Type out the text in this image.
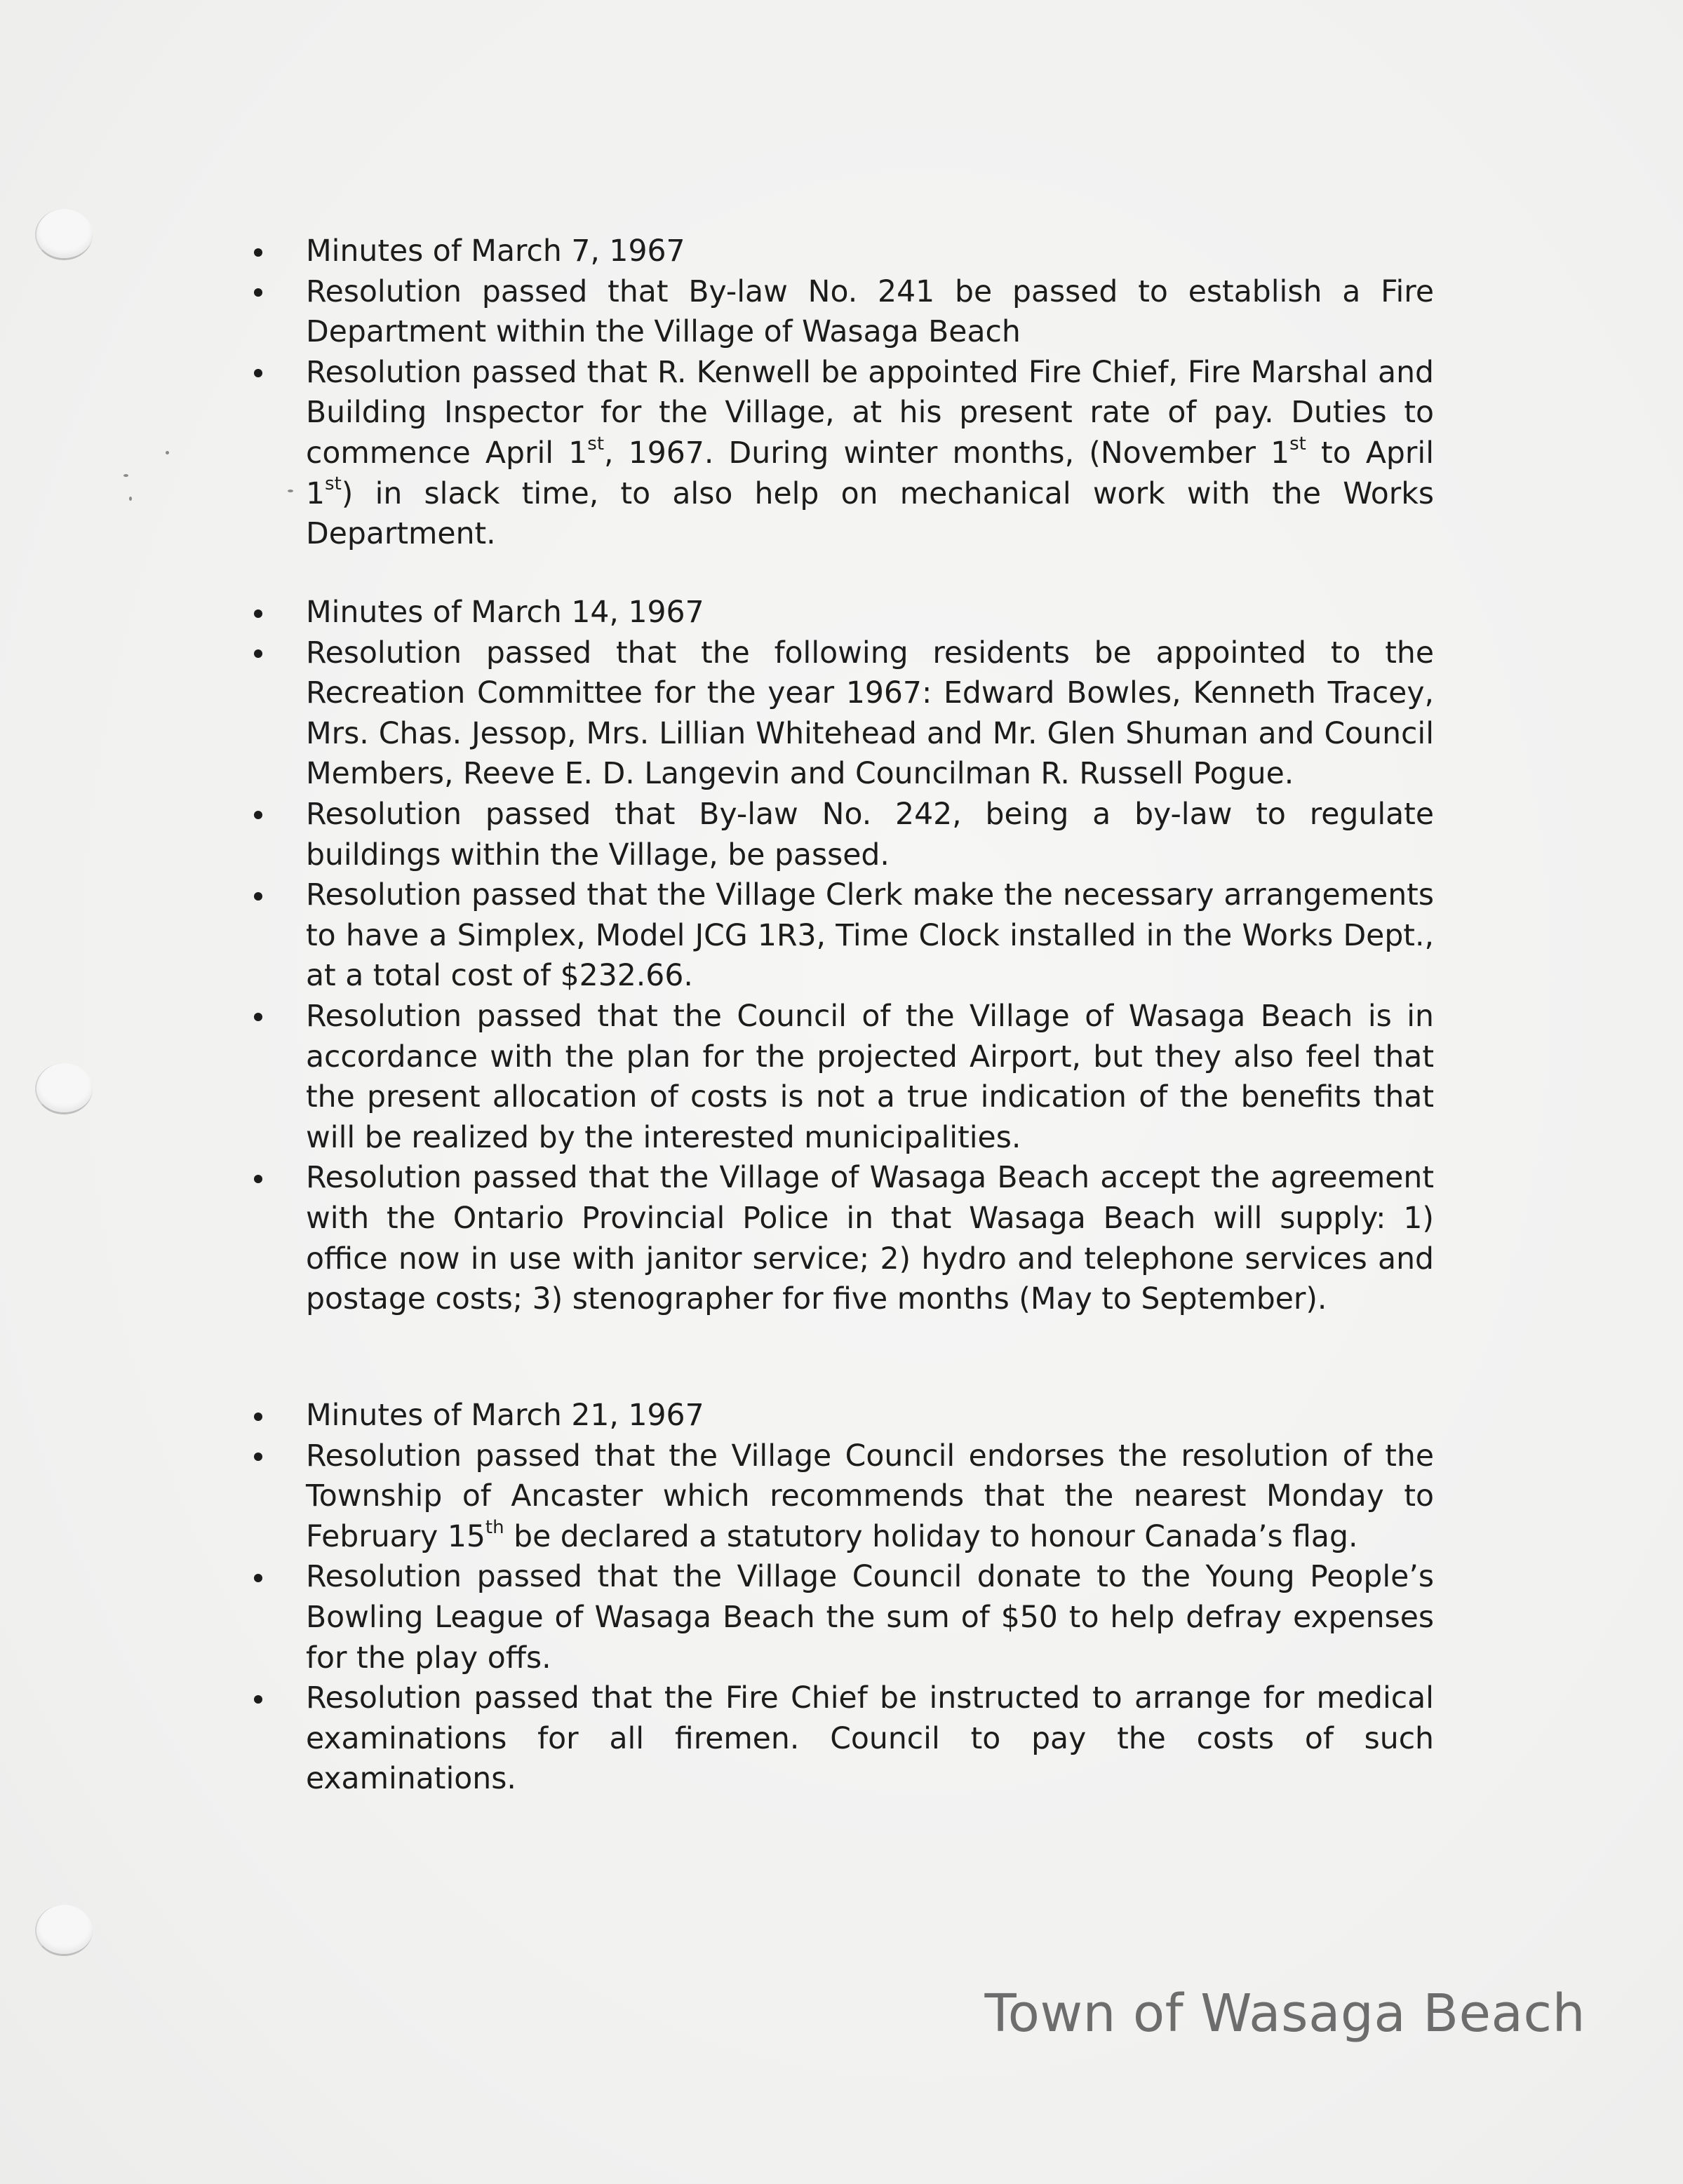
Minutes of March 7, 1967
Resolution passed that By-law No. 241 be passed to establish a Fire Department within the Village of Wasaga Beach
Resolution passed that R. Kenwell be appointed Fire Chief, Fire Marshal and Building Inspector for the Village, at his present rate of pay. Duties to commence April 1st, 1967. During winter months, (November 1st to April 1st) in slack time, to also help on mechanical work with the Works Department.
Minutes of March 14, 1967
Resolution passed that the following residents be appointed to the Recreation Committee for the year 1967: Edward Bowles, Kenneth Tracey, Mrs. Chas. Jessop, Mrs. Lillian Whitehead and Mr. Glen Shuman and Council Members, Reeve E. D. Langevin and Councilman R. Russell Pogue.
Resolution passed that By-law No. 242, being a by-law to regulate buildings within the Village, be passed.
Resolution passed that the Village Clerk make the necessary arrangements to have a Simplex, Model JCG 1R3, Time Clock installed in the Works Dept., at a total cost of $232.66.
Resolution passed that the Council of the Village of Wasaga Beach is in accordance with the plan for the projected Airport, but they also feel that the present allocation of costs is not a true indication of the benefits that will be realized by the interested municipalities.
Resolution passed that the Village of Wasaga Beach accept the agreement with the Ontario Provincial Police in that Wasaga Beach will supply: 1) office now in use with janitor service; 2) hydro and telephone services and postage costs; 3) stenographer for five months (May to September).
Minutes of March 21, 1967
Resolution passed that the Village Council endorses the resolution of the Township of Ancaster which recommends that the nearest Monday to February 15th be declared a statutory holiday to honour Canada’s flag.
Resolution passed that the Village Council donate to the Young People’s Bowling League of Wasaga Beach the sum of $50 to help defray expenses for the play offs.
Resolution passed that the Fire Chief be instructed to arrange for medical examinations for all firemen. Council to pay the costs of such examinations.
Town of Wasaga Beach
